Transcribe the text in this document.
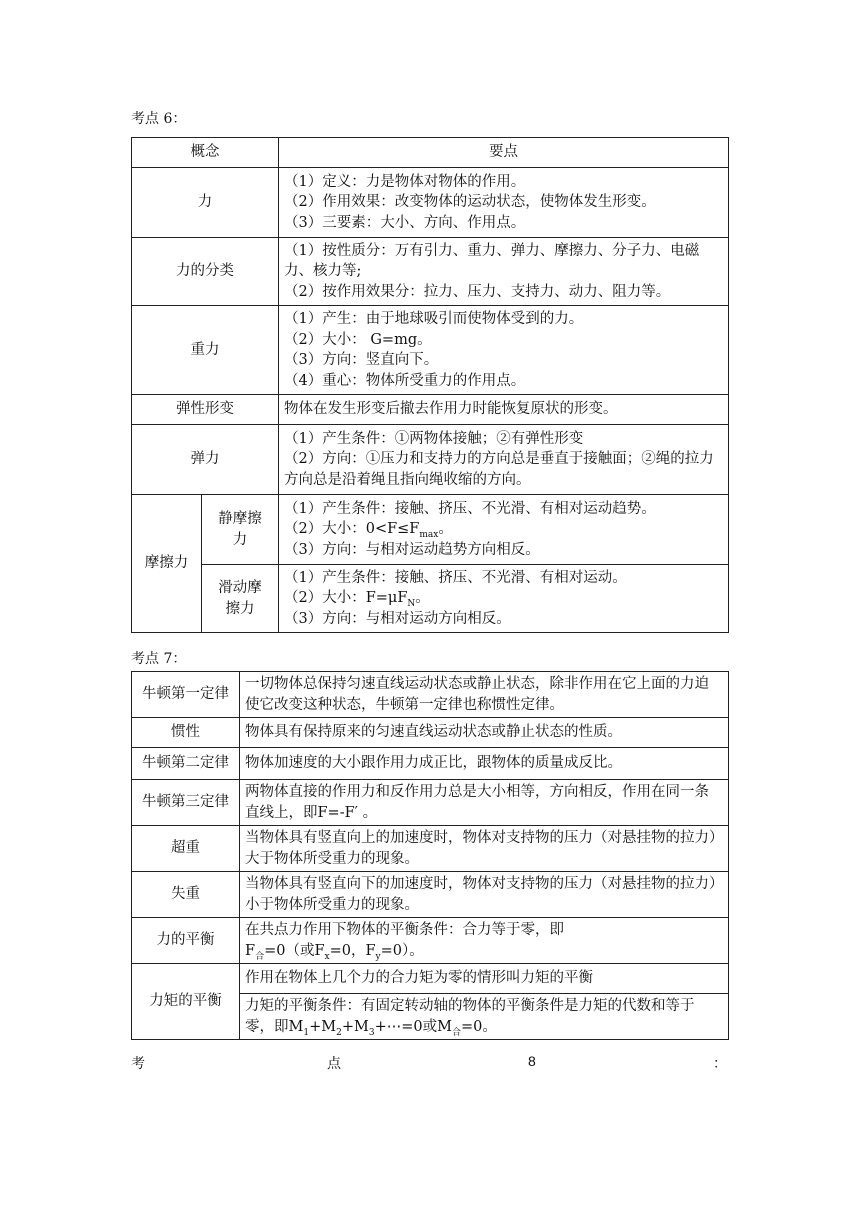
考点 6：
概念		要点
力		（1）定义：力是物体对物体的作用。
（2）作用效果：改变物体的运动状态，使物体发生形变。
（3）三要素：大小、方向、作用点。

力的分类		（1）按性质分：万有引力、重力、弹力、摩擦力、分子力、电磁力、核力等;
（2）按作用效果分：拉力、压力、支持力、动力、阻力等。

重力		（1）产生：由于地球吸引而使物体受到的力。
（2）大小： G=mg。
（3）方向：竖直向下。
（4）重心：物体所受重力的作用点。

弹性形变		物体在发生形变后撤去作用力时能恢复原状的形变。
弹力		（1）产生条件：①两物体接触；②有弹性形变
（2）方向：①压力和支持力的方向总是垂直于接触面；②绳的拉力方向总是沿着绳且指向绳收缩的方向。

摩擦力	静摩擦力	（1）产生条件：接触、挤压、不光滑、有相对运动趋势。
（2）大小：$0<F\le F_{max}$。
（3）方向：与相对运动趋势方向相反。

	滑动摩擦力	（1）产生条件：接触、挤压、不光滑、有相对运动。
（2）大小：$F=\mu F_N$。
（3）方向：与相对运动方向相反。
考点 7：
牛顿第一定律	一切物体总保持匀速直线运动状态或静止状态，除非作用在它上面的力迫使它改变这种状态，牛顿第一定律也称惯性定律。
惯性	物体具有保持原来的匀速直线运动状态或静止状态的性质。
牛顿第二定律	物体加速度的大小跟作用力成正比，跟物体的质量成反比。
牛顿第三定律	两物体直接的作用力和反作用力总是大小相等，方向相反，作用在同一条直线上，即F=-F′ 。
超重	当物体具有竖直向上的加速度时，物体对支持物的压力（对悬挂物的拉力）大于物体所受重力的现象。
失重	当物体具有竖直向下的加速度时，物体对支持物的压力（对悬挂物的拉力）小于物体所受重力的现象。
力的平衡	在共点力作用下物体的平衡条件：合力等于零，即
$F_合=0$（或$F_x=0$，$F_y=0$）。

力矩的平衡	作用在物体上几个力的合力矩为零的情形叫力矩的平衡
	力矩的平衡条件：有固定转动轴的物体的平衡条件是力矩的代数和等于零，即$M_1+M_2+M_3+\cdots=0$或$M_合=0$。
考	点	8	：
